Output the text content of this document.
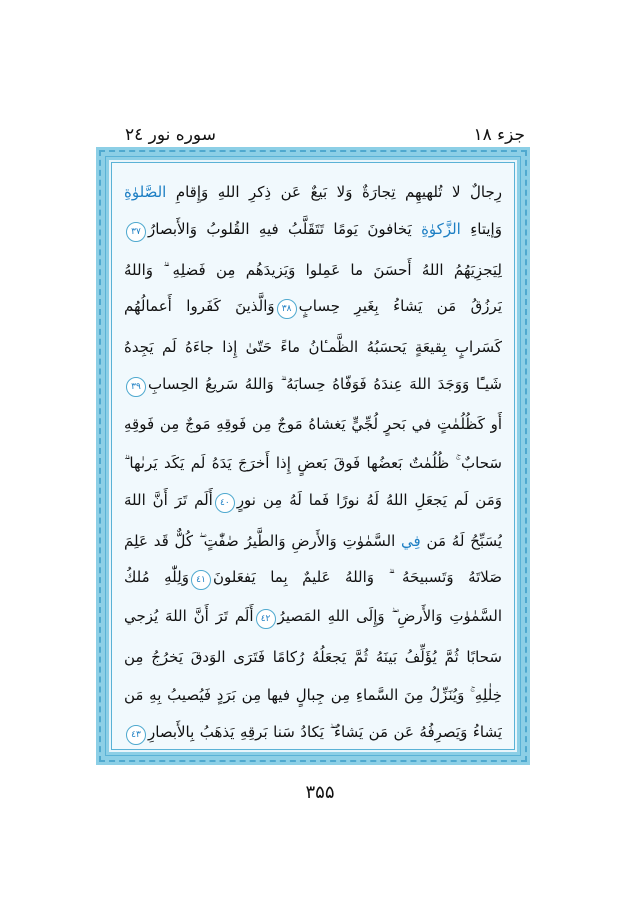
جزء ۱۸
سوره نور ۲٤
رِجالٌ لا تُلهيهِم تِجارَةٌ وَلا بَيعٌ عَن ذِكرِ اللهِ وَإِقامِ الصَّلوٰةِ
وَإيتاءِ الزَّكوٰةِ يَخافونَ يَومًا تَتَقَلَّبُ فيهِ القُلوبُ وَالأَبصارُ۳۷
لِيَجزِيَهُمُ اللهُ أَحسَنَ ما عَمِلوا وَيَزيدَهُم مِن فَضلِهِ ۗ وَاللهُ
يَرزُقُ مَن يَشاءُ بِغَيرِ حِسابٍ۳۸وَالَّذينَ كَفَروا أَعمالُهُم
كَسَرابٍ بِقيعَةٍ يَحسَبُهُ الظَّمـٔانُ ماءً حَتّىٰ إِذا جاءَهُ لَم يَجِدهُ
شَيـًٔا وَوَجَدَ اللهَ عِندَهُ فَوَفّاهُ حِسابَهُ ۗ وَاللهُ سَريعُ الحِسابِ۳۹
أَو كَظُلُمٰتٍ في بَحرٍ لُجِّيٍّ يَغشاهُ مَوجٌ مِن فَوقِهِ مَوجٌ مِن فَوقِهِ
سَحابٌ ۚ ظُلُمٰتٌ بَعضُها فَوقَ بَعضٍ إِذا أَخرَجَ يَدَهُ لَم يَكَد يَرىٰها ۗ
وَمَن لَم يَجعَلِ اللهُ لَهُ نورًا فَما لَهُ مِن نورٍ٤٠أَلَم تَرَ أَنَّ اللهَ
يُسَبِّحُ لَهُ مَن فِي السَّمٰوٰتِ وَالأَرضِ وَالطَّيرُ صٰفّٰتٍ ۖ كُلٌّ قَد عَلِمَ
صَلاتَهُ وَتَسبيحَهُ ۗ وَاللهُ عَليمٌ بِما يَفعَلونَ٤١وَلِلّٰهِ مُلكُ
السَّمٰوٰتِ وَالأَرضِ ۖ وَإِلَى اللهِ المَصيرُ٤٢أَلَم تَرَ أَنَّ اللهَ يُزجي
سَحابًا ثُمَّ يُؤَلِّفُ بَينَهُ ثُمَّ يَجعَلُهُ رُكامًا فَتَرَى الوَدقَ يَخرُجُ مِن
خِلٰلِهِ ۚ وَيُنَزِّلُ مِنَ السَّماءِ مِن جِبالٍ فيها مِن بَرَدٍ فَيُصيبُ بِهِ مَن
يَشاءُ وَيَصرِفُهُ عَن مَن يَشاءُ ۖ يَكادُ سَنا بَرقِهِ يَذهَبُ بِالأَبصارِ٤٣
۳۵۵
